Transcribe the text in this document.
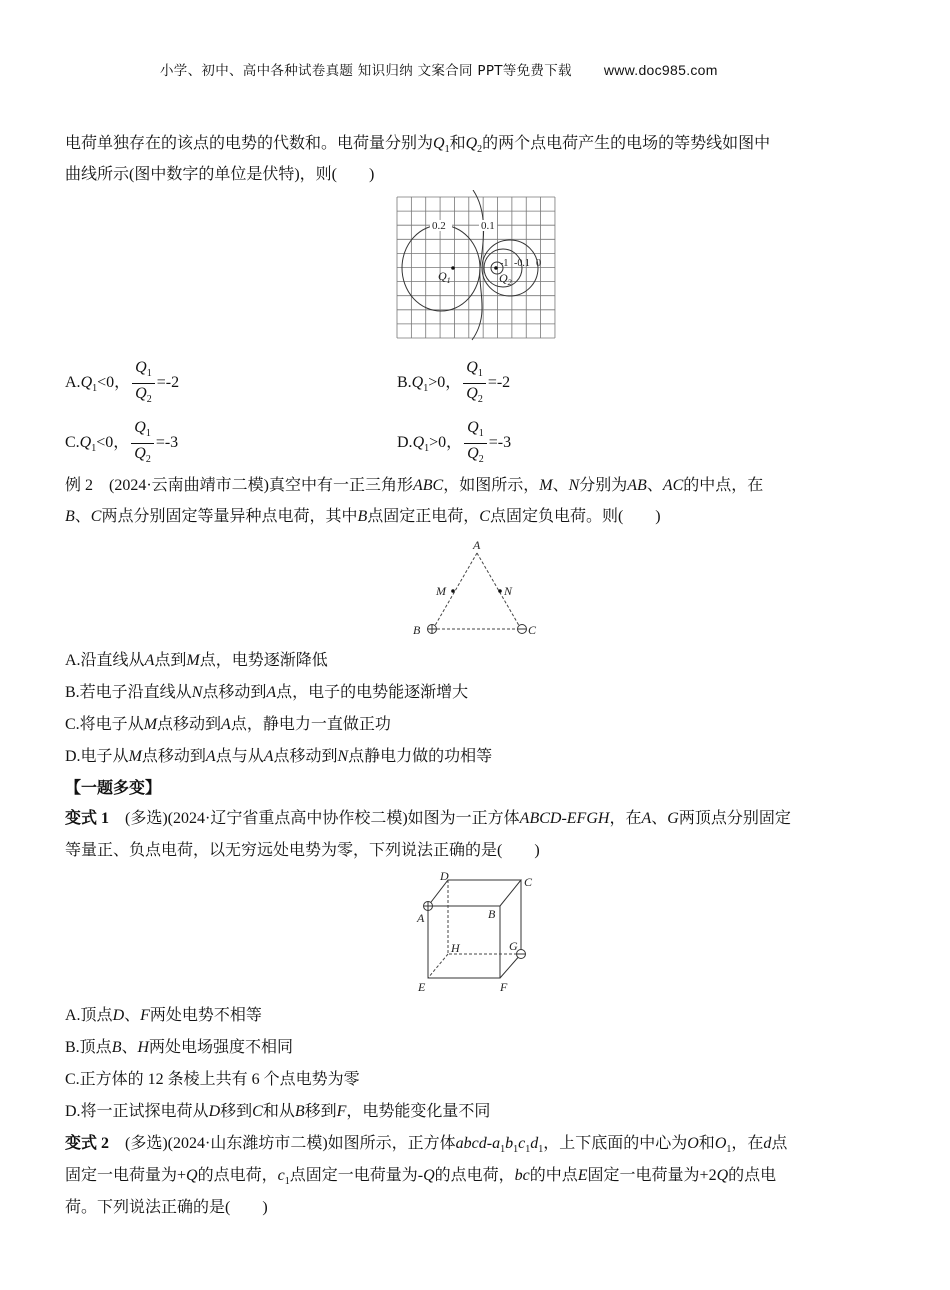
小学、初中、高中各种试卷真题 知识归纳 文案合同 PPT等免费下载 www.doc985.com
电荷单独存在的该点的电势的代数和。电荷量分别为$Q_1$和$Q_2$的两个点电荷产生的电场的等势线如图中
曲线所示(图中数字的单位是伏特)，则(　　)
0.2	0.1
-1 -0.1 0
$Q_1$	$Q_2$
$A.Q_1<0$， $\frac{Q_1}{Q_2} =-2$	$B.Q_1>0$， $\frac{Q_1}{Q_2} =-2$
$C.Q_1<0$， $\frac{Q_1}{Q_2} =-3$	$D.Q_1>0$， $\frac{Q_1}{Q_2} =-3$
例 2　(2024·云南曲靖市二模)真空中有一正三角形ABC，如图所示，M、N分别为AB、AC的中点，在
B、C两点分别固定等量异种点电荷，其中B点固定正电荷，C点固定负电荷。则(　　)
A
B	C
M	N
A.沿直线从A点到M点，电势逐渐降低
B.若电子沿直线从N点移动到A点，电子的电势能逐渐增大
C.将电子从M点移动到A点，静电力一直做正功
D.电子从M点移动到A点与从A点移动到N点静电力做的功相等
【一题多变】
变式 1　(多选)(2024·辽宁省重点高中协作校二模)如图为一正方体ABCD-EFGH，在A、G两顶点分别固定
等量正、负点电荷，以无穷远处电势为零，下列说法正确的是(　　)
A	B
C
D
E	F
G
H
A.顶点D、F两处电势不相等
B.顶点B、H两处电场强度不相同
C.正方体的 12 条棱上共有 6 个点电势为零
D.将一正试探电荷从D移到C和从B移到F，电势能变化量不同
变式 2　(多选)(2024·山东潍坊市二模)如图所示，正方体abcd-$a_1b_1c_1d_1$，上下底面的中心为O和$O_1$，在d点
固定一电荷量为+Q的点电荷，$c_1$点固定一电荷量为-Q的点电荷，bc的中点E固定一电荷量为+2Q的点电
荷。下列说法正确的是(　　)
